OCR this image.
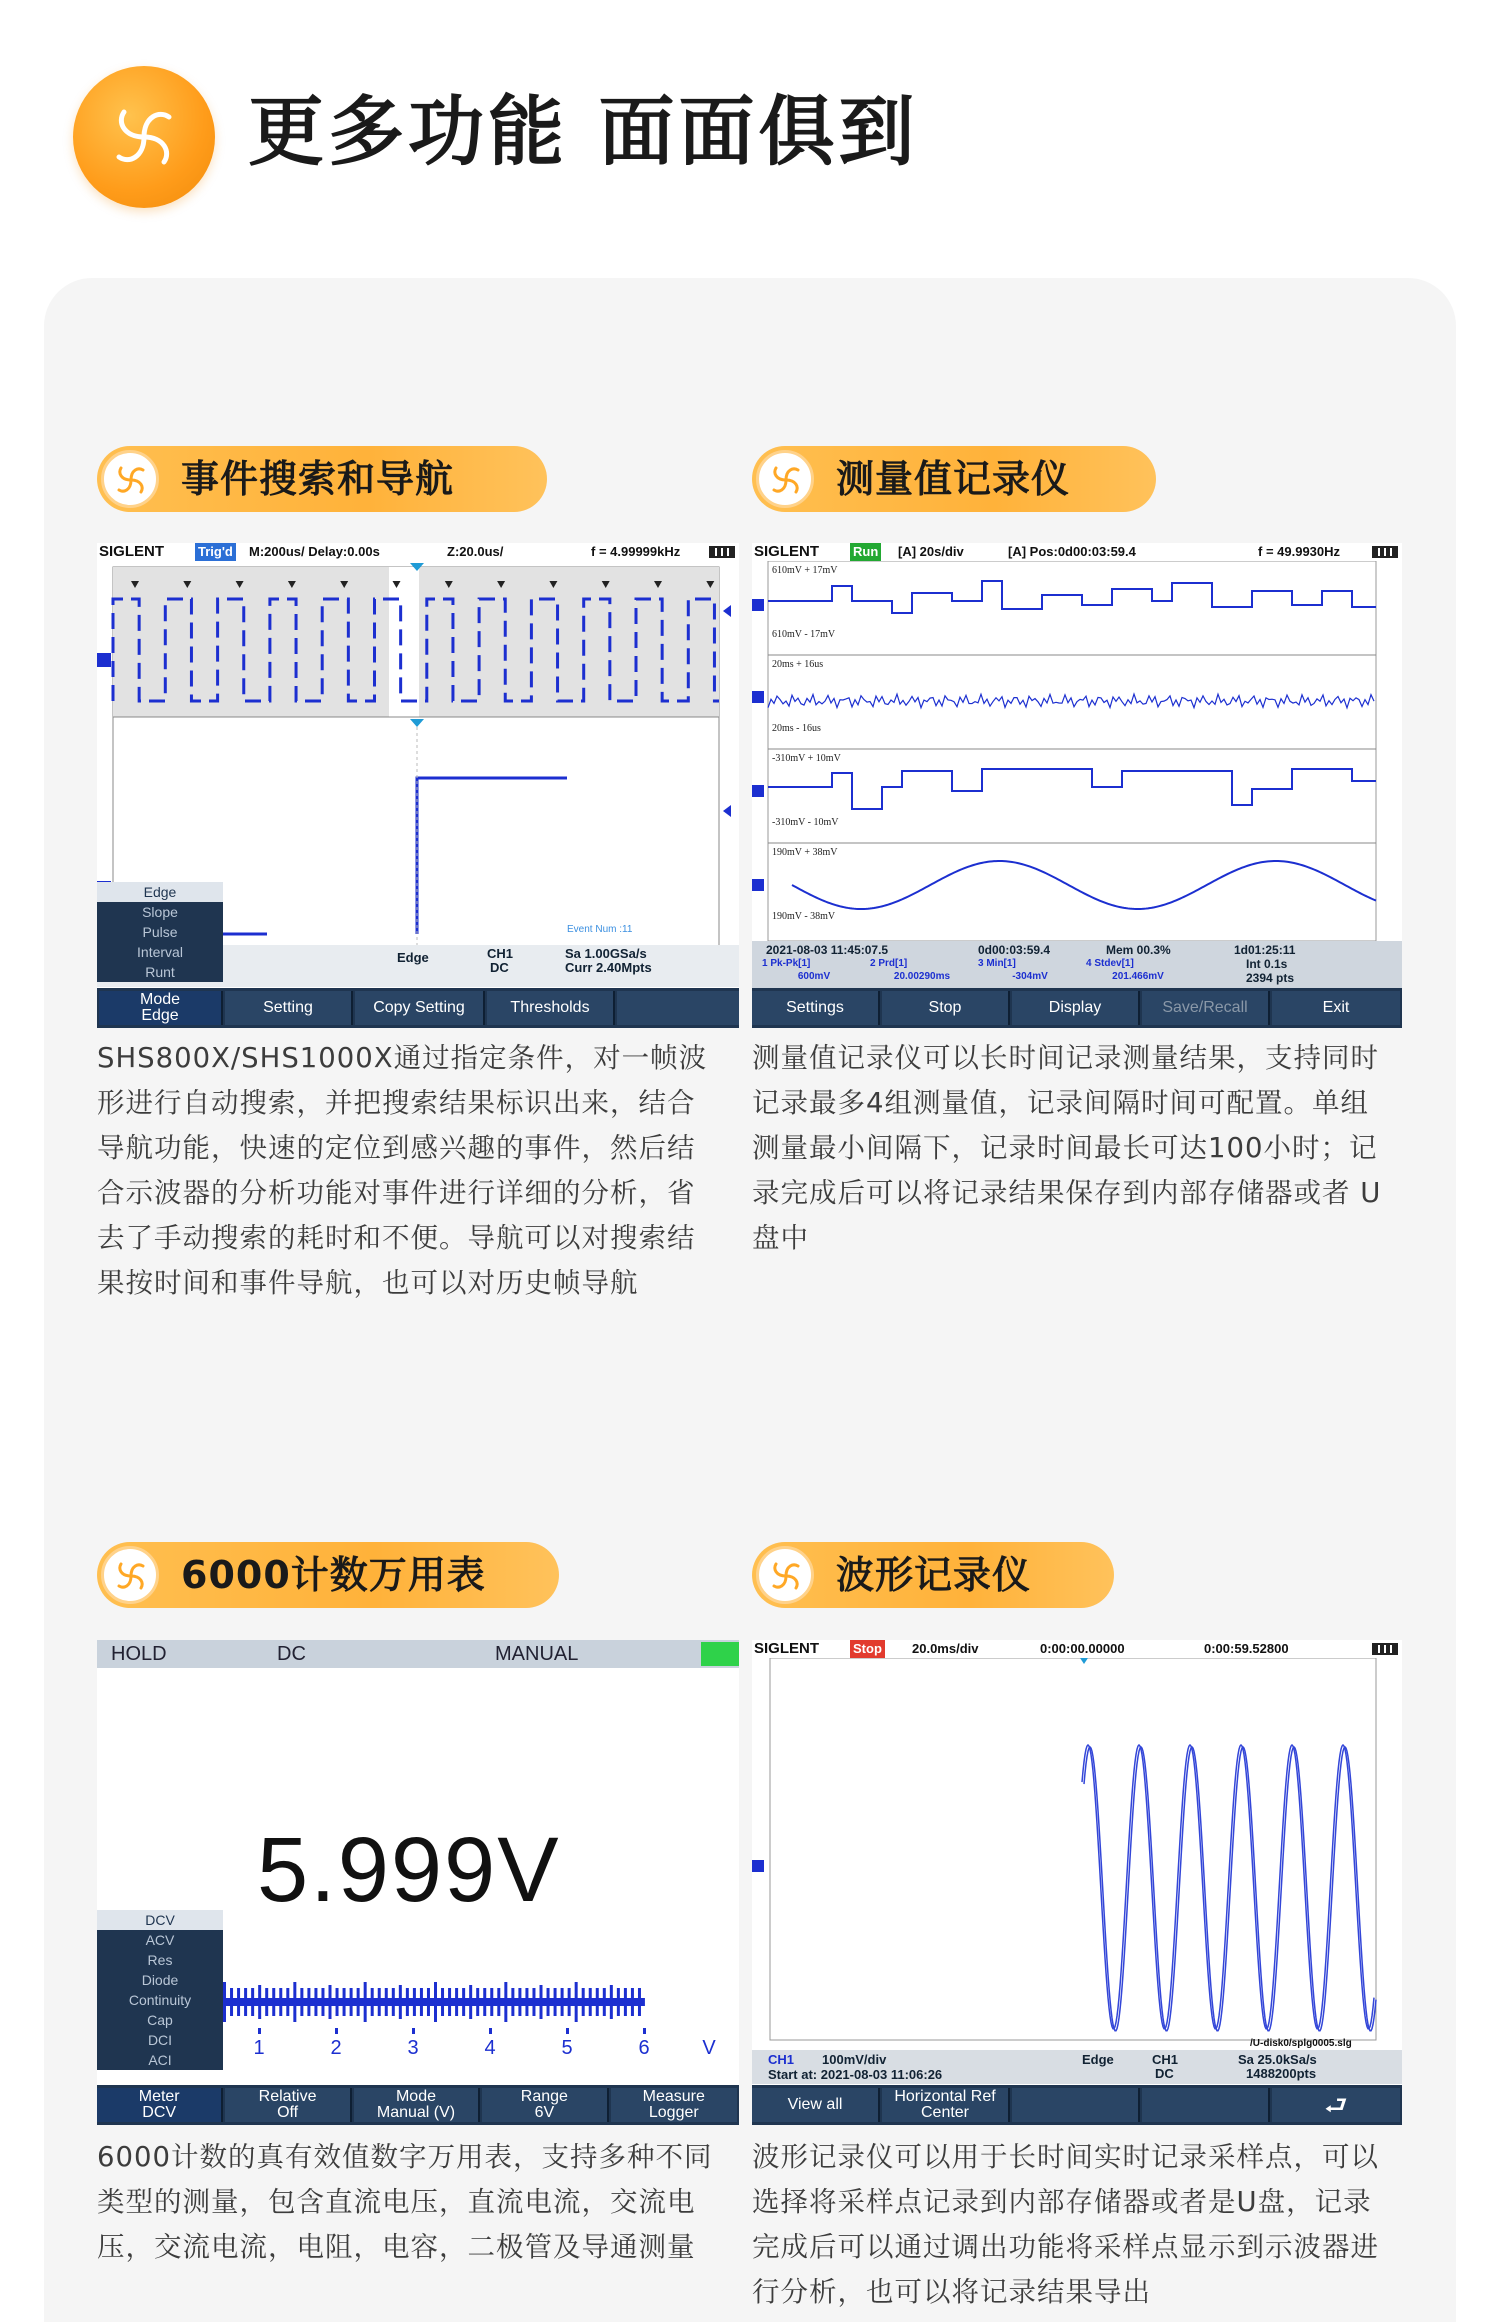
更多功能 面面俱到
事件搜索和导航	测量值记录仪
6000计数万用表	波形记录仪
SIGLENT	Trig'd M:200us/ Delay:0.00s	Z:20.0us/	f = 4.99999kHz
Event Num :11
Edge	CH1
DC
Sa 1.00GSa/s
Curr 2.40Mpts
Edge
Slope
Pulse
Interval
Runt
Mode
Edge	Setting	Copy Setting	Thresholds
SIGLENT	Run [A] 20s/div	[A] Pos:0d00:03:59.4	f = 49.9930Hz
610mV + 17mV
610mV - 17mV
20ms + 16us
20ms - 16us
-310mV + 10mV
-310mV - 10mV
190mV + 38mV
190mV - 38mV
2021-08-03 11:45:07.5	0d00:03:59.4	Mem 00.3%	1d01:25:11
Int 0.1s
2394 pts
1 Pk-Pk[1]
600mV
2 Prd[1]
20.00290ms
3 Min[1]
-304mV
4 Stdev[1]
201.466mV
Settings	Stop	Display	Save/Recall	Exit
HOLD	DC	MANUAL
5.999V
1	2	3	4	5	6	V
DCV
ACV
Res
Diode
Continuity
Cap
DCI
ACI
Meter
DCV
Relative
Off
Mode
Manual (V)
Range
6V
Measure
Logger
SIGLENT	Stop 20.0ms/div	0:00:00.00000	0:00:59.52800
/U-disk0/splg0005.slg
CH1 100mV/div
Start at: 2021-08-03 11:06:26
Edge	CH1
DC
Sa 25.0kSa/s
1488200pts
View all	Horizontal Ref
Center	⮐
SHS800X/SHS1000X通过指定条件，对一帧波形进行自动搜索，并把搜索结果标识出来，结合导航功能，快速的定位到感兴趣的事件，然后结合示波器的分析功能对事件进行详细的分析，省去了手动搜索的耗时和不便。导航可以对搜索结果按时间和事件导航，也可以对历史帧导航
测量值记录仪可以长时间记录测量结果，支持同时记录最多4组测量值，记录间隔时间可配置。单组测量最小间隔下，记录时间最长可达100小时；记录完成后可以将记录结果保存到内部存储器或者 U 盘中
6000计数的真有效值数字万用表，支持多种不同类型的测量，包含直流电压，直流电流，交流电压，交流电流，电阻，电容，二极管及导通测量
波形记录仪可以用于长时间实时记录采样点，可以选择将采样点记录到内部存储器或者是U盘，记录完成后可以通过调出功能将采样点显示到示波器进行分析，也可以将记录结果导出
